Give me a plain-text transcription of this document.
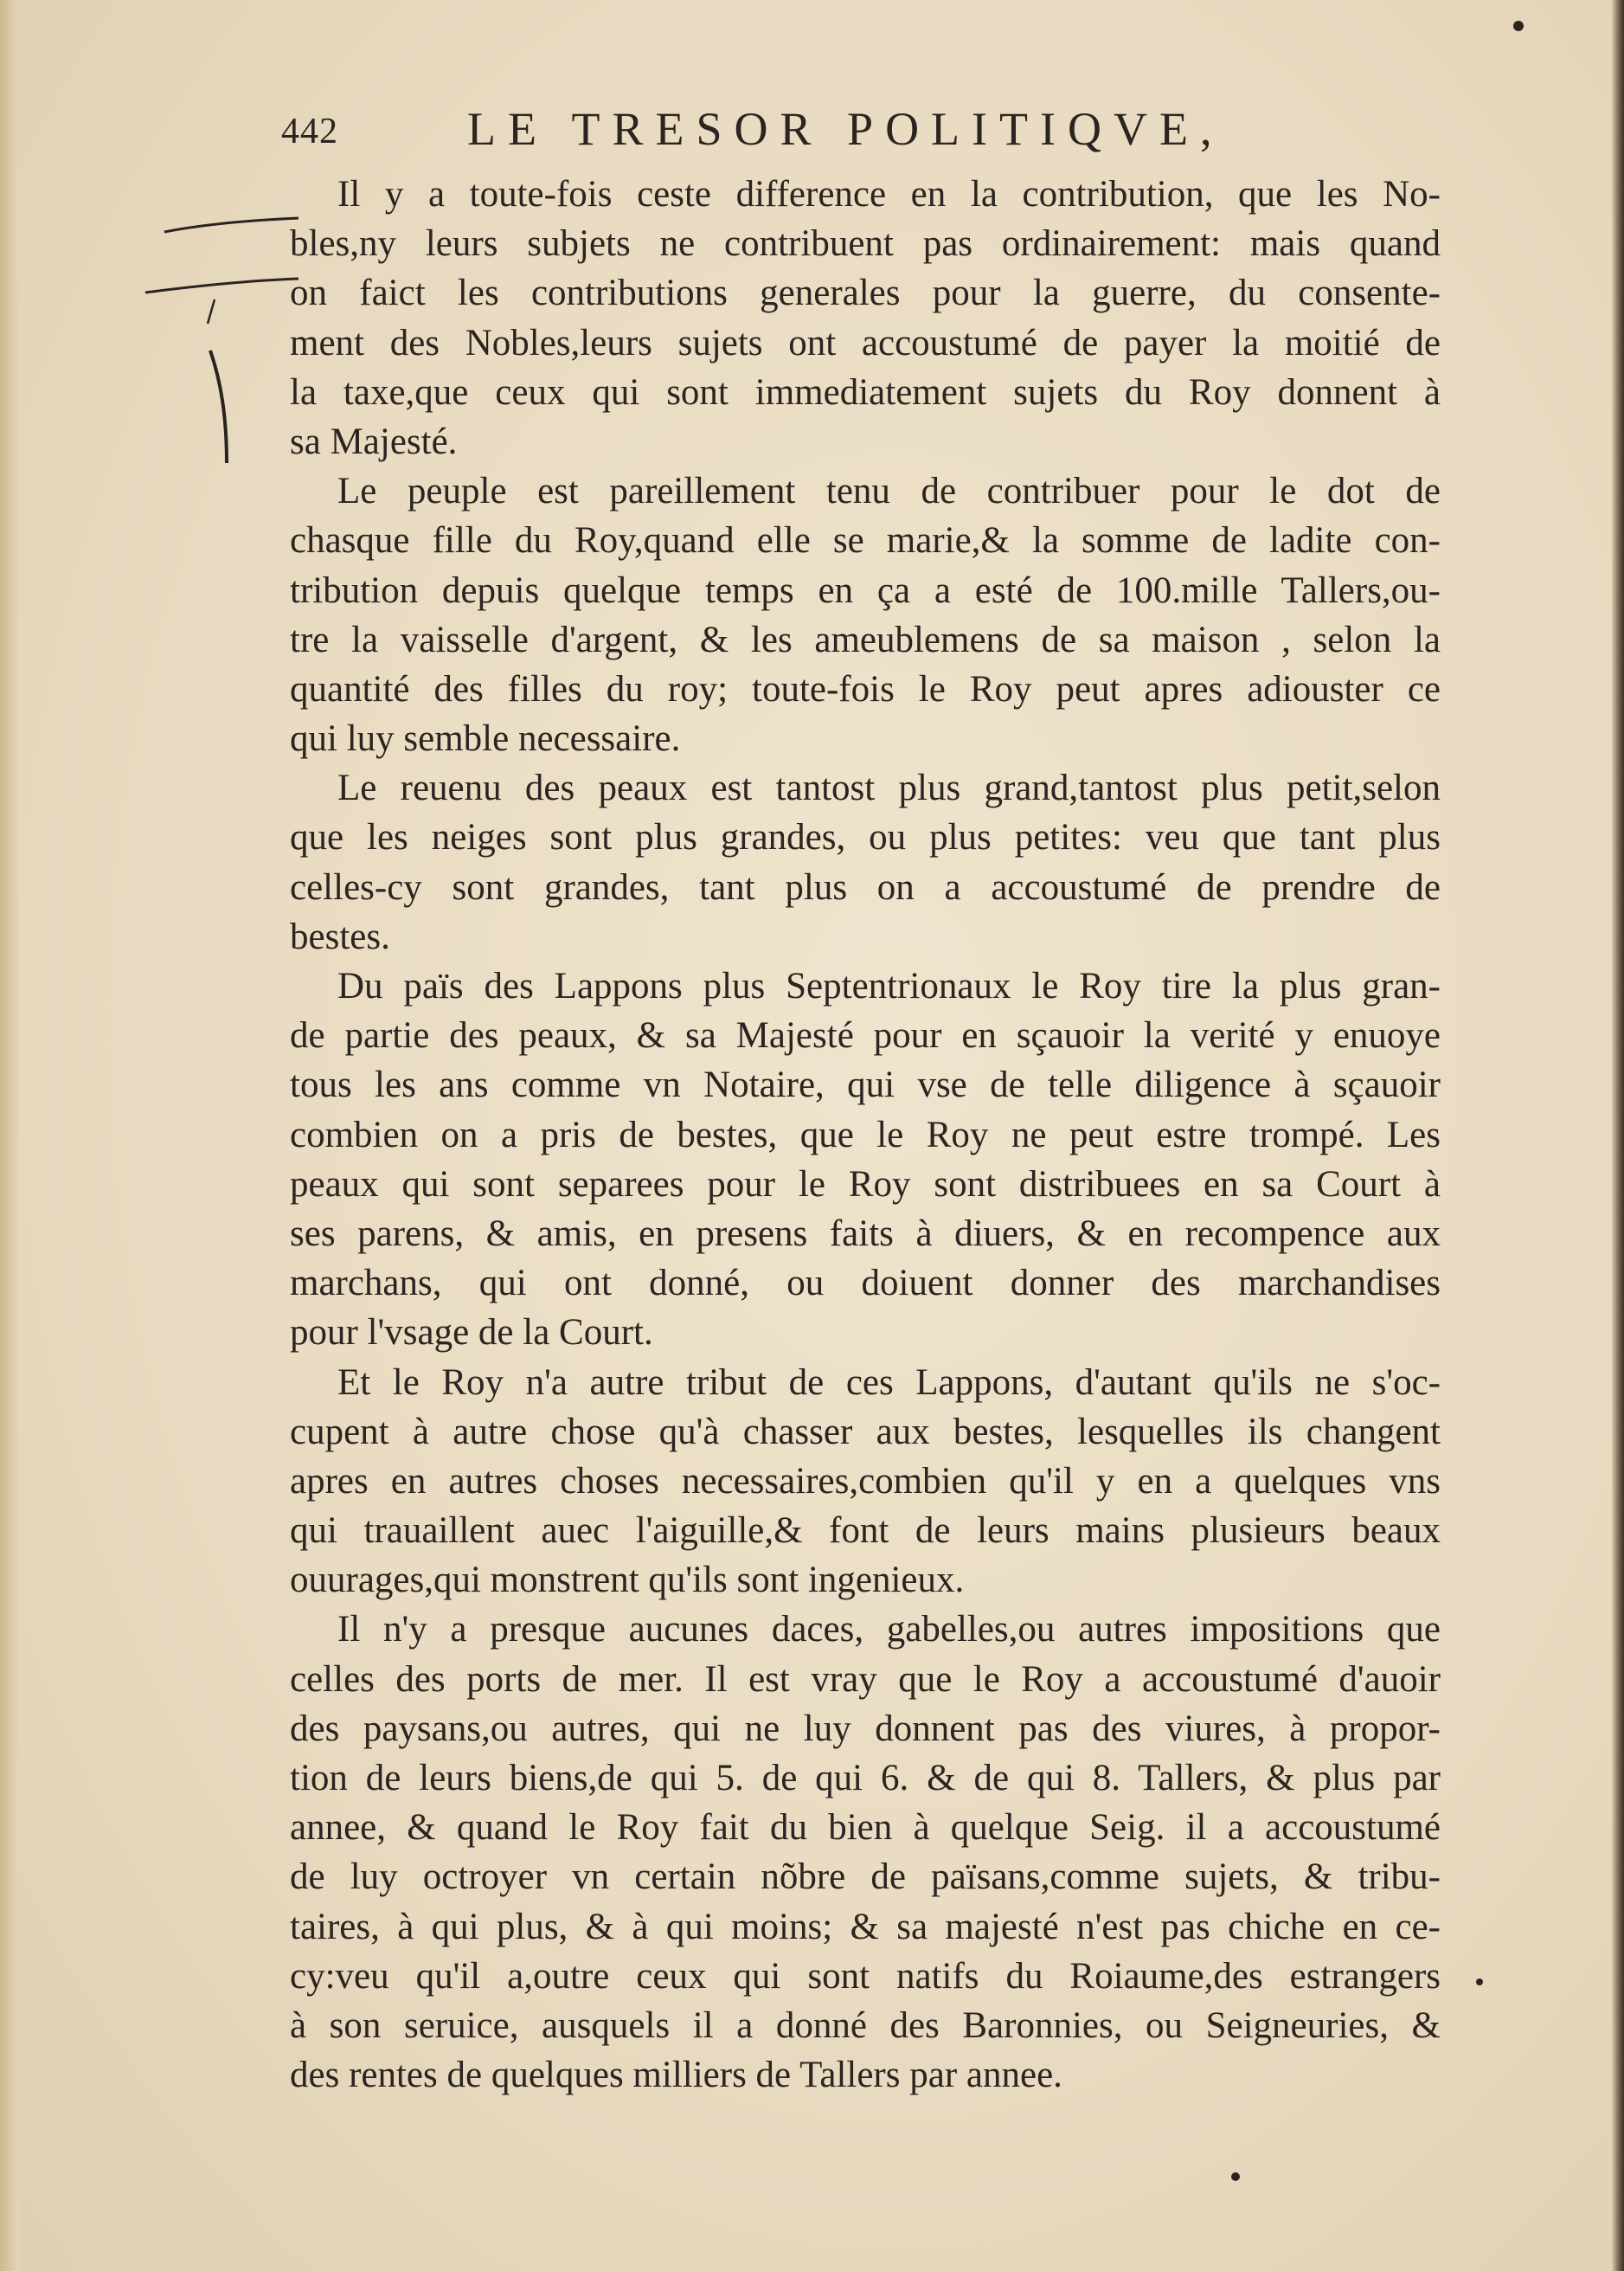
442	LE TRESOR POLITIQVE,
Il y a toute-fois ceste difference en la contribution, que les No-
bles,ny leurs subjets ne contribuent pas ordinairement: mais quand
on faict les contributions generales pour la guerre, du consente-
ment des Nobles,leurs sujets ont accoustumé de payer la moitié de
la taxe,que ceux qui sont immediatement sujets du Roy donnent à
sa Majesté.
Le peuple est pareillement tenu de contribuer pour le dot de
chasque fille du Roy,quand elle se marie,& la somme de ladite con-
tribution depuis quelque temps en ça a esté de 100.mille Tallers,ou-
tre la vaisselle d'argent, & les ameublemens de sa maison , selon la
quantité des filles du roy; toute-fois le Roy peut apres adiouster ce
qui luy semble necessaire.
Le reuenu des peaux est tantost plus grand,tantost plus petit,selon
que les neiges sont plus grandes, ou plus petites: veu que tant plus
celles-cy sont grandes, tant plus on a accoustumé de prendre de
bestes.
Du païs des Lappons plus Septentrionaux le Roy tire la plus gran-
de partie des peaux, & sa Majesté pour en sçauoir la verité y enuoye
tous les ans comme vn Notaire, qui vse de telle diligence à sçauoir
combien on a pris de bestes, que le Roy ne peut estre trompé. Les
peaux qui sont separees pour le Roy sont distribuees en sa Court à
ses parens, & amis, en presens faits à diuers, & en recompence aux
marchans, qui ont donné, ou doiuent donner des marchandises
pour l'vsage de la Court.
Et le Roy n'a autre tribut de ces Lappons, d'autant qu'ils ne s'oc-
cupent à autre chose qu'à chasser aux bestes, lesquelles ils changent
apres en autres choses necessaires,combien qu'il y en a quelques vns
qui trauaillent auec l'aiguille,& font de leurs mains plusieurs beaux
ouurages,qui monstrent qu'ils sont ingenieux.
Il n'y a presque aucunes daces, gabelles,ou autres impositions que
celles des ports de mer. Il est vray que le Roy a accoustumé d'auoir
des paysans,ou autres, qui ne luy donnent pas des viures, à propor-
tion de leurs biens,de qui 5. de qui 6. & de qui 8. Tallers, & plus par
annee, & quand le Roy fait du bien à quelque Seig. il a accoustumé
de luy octroyer vn certain nõbre de païsans,comme sujets, & tribu-
taires, à qui plus, & à qui moins; & sa majesté n'est pas chiche en ce-
cy:veu qu'il a,outre ceux qui sont natifs du Roiaume,des estrangers
à son seruice, ausquels il a donné des Baronnies, ou Seigneuries, &
des rentes de quelques milliers de Tallers par annee.
